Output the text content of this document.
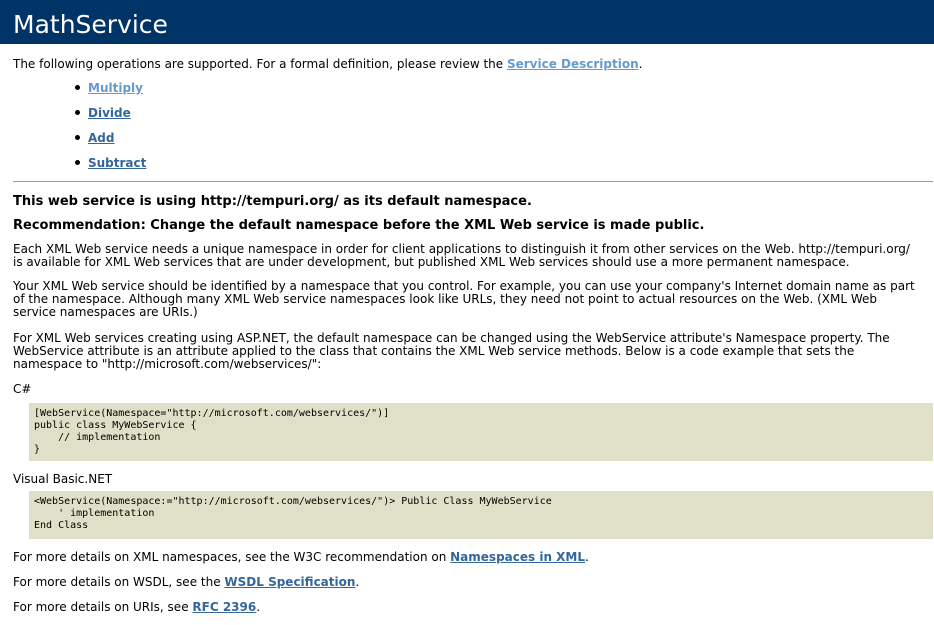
MathService

The following operations are supported. For a formal definition, please review the Service Description.

Multiply
Divide
Add
Subtract
This web service is using http://tempuri.org/ as its default namespace.
Recommendation: Change the default namespace before the XML Web service is made public.

Each XML Web service needs a unique namespace in order for client applications to distinguish it from other services on the Web. http://tempuri.org/ is available for XML Web services that are under development, but published XML Web services should use a more permanent namespace.

Your XML Web service should be identified by a namespace that you control. For example, you can use your company's Internet domain name as part of the namespace. Although many XML Web service namespaces look like URLs, they need not point to actual resources on the Web. (XML Web service namespaces are URIs.)

For XML Web services creating using ASP.NET, the default namespace can be changed using the WebService attribute's Namespace property. The WebService attribute is an attribute applied to the class that contains the XML Web service methods. Below is a code example that sets the namespace to "http://microsoft.com/webservices/":

C#

[WebService(Namespace="http://microsoft.com/webservices/")]
public class MyWebService {
// implementation
}

Visual Basic.NET

<WebService(Namespace:="http://microsoft.com/webservices/")> Public Class MyWebService
' implementation
End Class

For more details on XML namespaces, see the W3C recommendation on Namespaces in XML.

For more details on WSDL, see the WSDL Specification.

For more details on URIs, see RFC 2396.
